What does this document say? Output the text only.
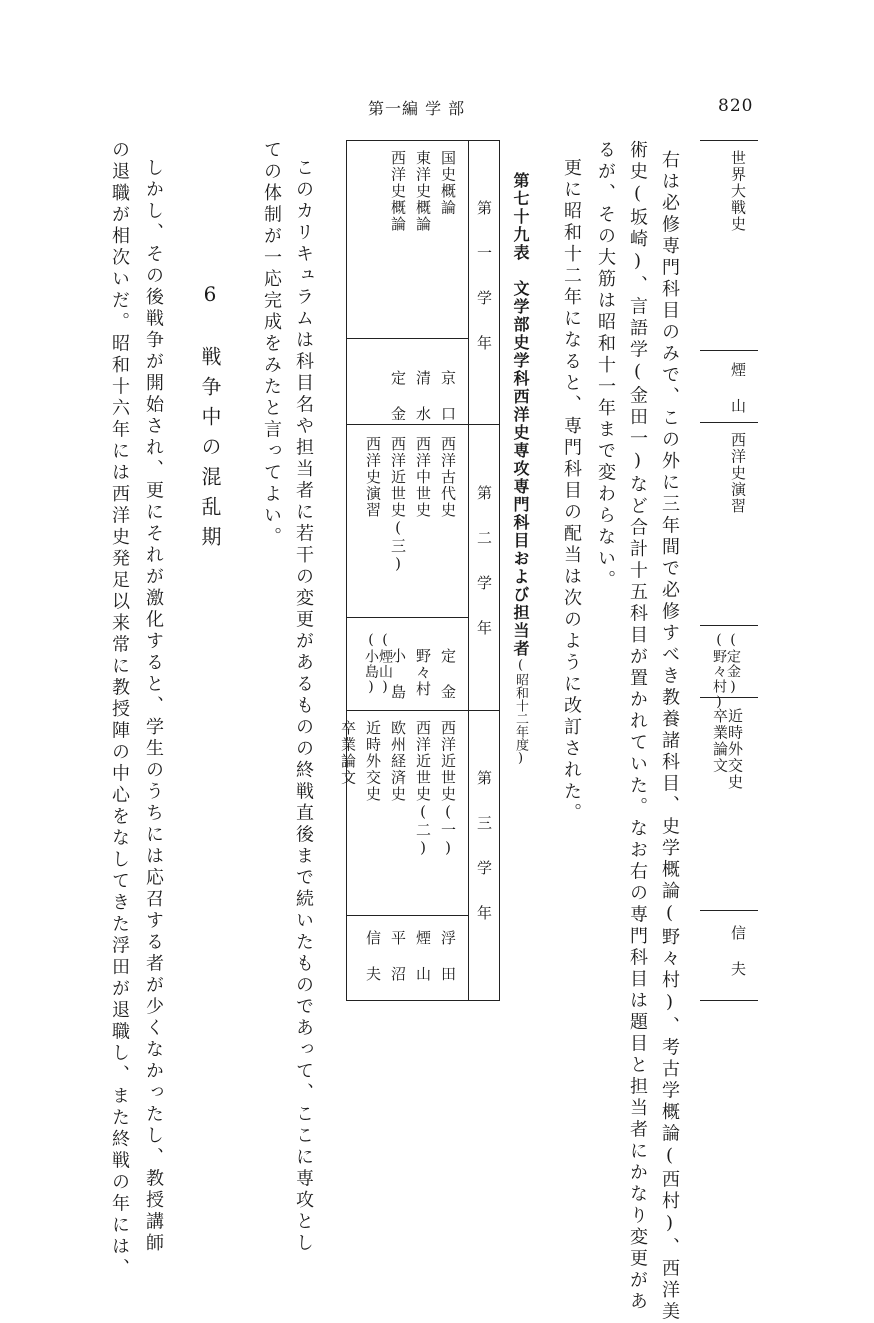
第一編 学 部	820
世界大戦史
煙 山
西洋史演習
(定金)
(野々村)
近時外交史
卒業論文
信 夫
右は必修専門科目のみで、この外に三年間で必修すべき教養諸科目、史学概論(野々村)、考古学概論(西村)、西洋美
術史(坂崎)、言語学(金田一)など合計十五科目が置かれていた。なお右の専門科目は題目と担当者にかなり変更があ
るが、その大筋は昭和十一年まで変わらない。
更に昭和十二年になると、専門科目の配当は次のように改訂された。
第七十九表　文学部史学科西洋史専攻専門科目および担当者(昭和十二年度)
第 一 学 年
第 二 学 年
第 三 学 年
国史概論
東洋史概論
西洋史概論
京 口
清 水
定 金
西洋古代史
西洋中世史
西洋近世史(三)
西洋史演習
定 金
野々村
小 島
(煙山)(小島)
西洋近世史(一)
西洋近世史(二)
欧州経済史
近時外交史
卒業論文
浮 田
煙 山
平 沼
信 夫
このカリキュラムは科目名や担当者に若干の変更があるものの終戦直後まで続いたものであって、ここに専攻とし
ての体制が一応完成をみたと言ってよい。
6　戦争中の混乱期
しかし、その後戦争が開始され、更にそれが激化すると、学生のうちには応召する者が少くなかったし、教授講師
の退職が相次いだ。昭和十六年には西洋史発足以来常に教授陣の中心をなしてきた浮田が退職し、また終戦の年には、
